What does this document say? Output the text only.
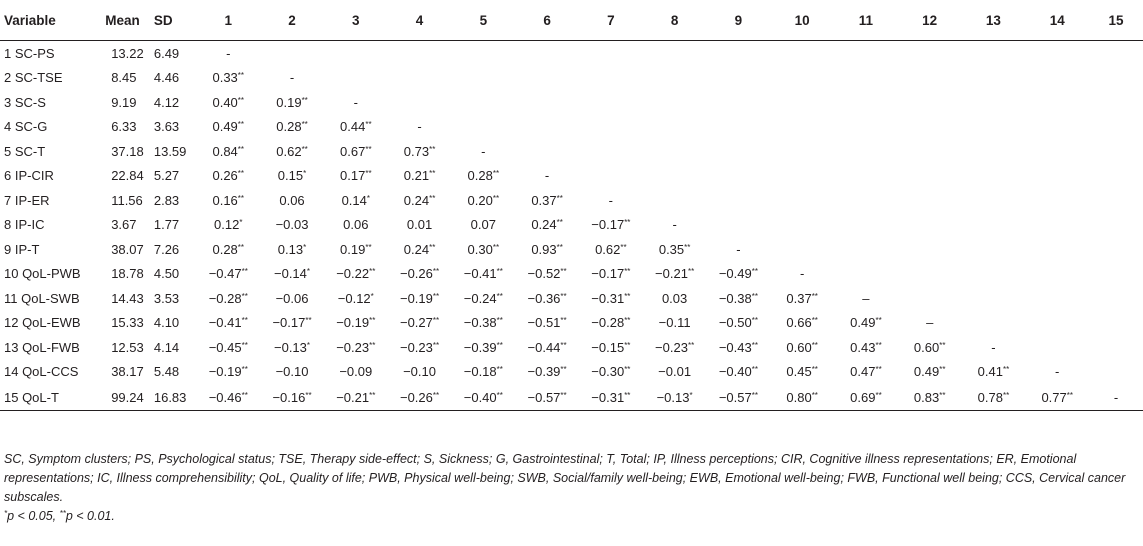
Variable	Mean	SD	1	2	3	4	5	6	7	8	9	10	11	12	13	14	15
1 SC-PS	13.22	6.49	-														
2 SC-TSE	8.45	4.46	0.33**	-													
3 SC-S	9.19	4.12	0.40**	0.19**	-												
4 SC-G	6.33	3.63	0.49**	0.28**	0.44**	-											
5 SC-T	37.18	13.59	0.84**	0.62**	0.67**	0.73**	-										
6 IP-CIR	22.84	5.27	0.26**	0.15*	0.17**	0.21**	0.28**	-									
7 IP-ER	11.56	2.83	0.16**	0.06	0.14*	0.24**	0.20**	0.37**	-								
8 IP-IC	3.67	1.77	0.12*	−0.03	0.06	0.01	0.07	0.24**	−0.17**	-							
9 IP-T	38.07	7.26	0.28**	0.13*	0.19**	0.24**	0.30**	0.93**	0.62**	0.35**	-						
10 QoL-PWB	18.78	4.50	−0.47**	−0.14*	−0.22**	−0.26**	−0.41**	−0.52**	−0.17**	−0.21**	−0.49**	-					
11 QoL-SWB	14.43	3.53	−0.28**	−0.06	−0.12*	−0.19**	−0.24**	−0.36**	−0.31**	0.03	−0.38**	0.37**	–				
12 QoL-EWB	15.33	4.10	−0.41**	−0.17**	−0.19**	−0.27**	−0.38**	−0.51**	−0.28**	−0.11	−0.50**	0.66**	0.49**	–			
13 QoL-FWB	12.53	4.14	−0.45**	−0.13*	−0.23**	−0.23**	−0.39**	−0.44**	−0.15**	−0.23**	−0.43**	0.60**	0.43**	0.60**	-		
14 QoL-CCS	38.17	5.48	−0.19**	−0.10	−0.09	−0.10	−0.18**	−0.39**	−0.30**	−0.01	−0.40**	0.45**	0.47**	0.49**	0.41**	-	
15 QoL-T	99.24	16.83	−0.46**	−0.16**	−0.21**	−0.26**	−0.40**	−0.57**	−0.31**	−0.13*	−0.57**	0.80**	0.69**	0.83**	0.78**	0.77**	-

SC, Symptom clusters; PS, Psychological status; TSE, Therapy side-effect; S, Sickness; G, Gastrointestinal; T, Total; IP, Illness perceptions; CIR, Cognitive illness representations; ER, Emotional representations; IC, Illness comprehensibility; QoL, Quality of life; PWB, Physical well-being; SWB, Social/family well-being; EWB, Emotional well-being; FWB, Functional well being; CCS, Cervical cancer subscales.

*p < 0.05, **p < 0.01.
